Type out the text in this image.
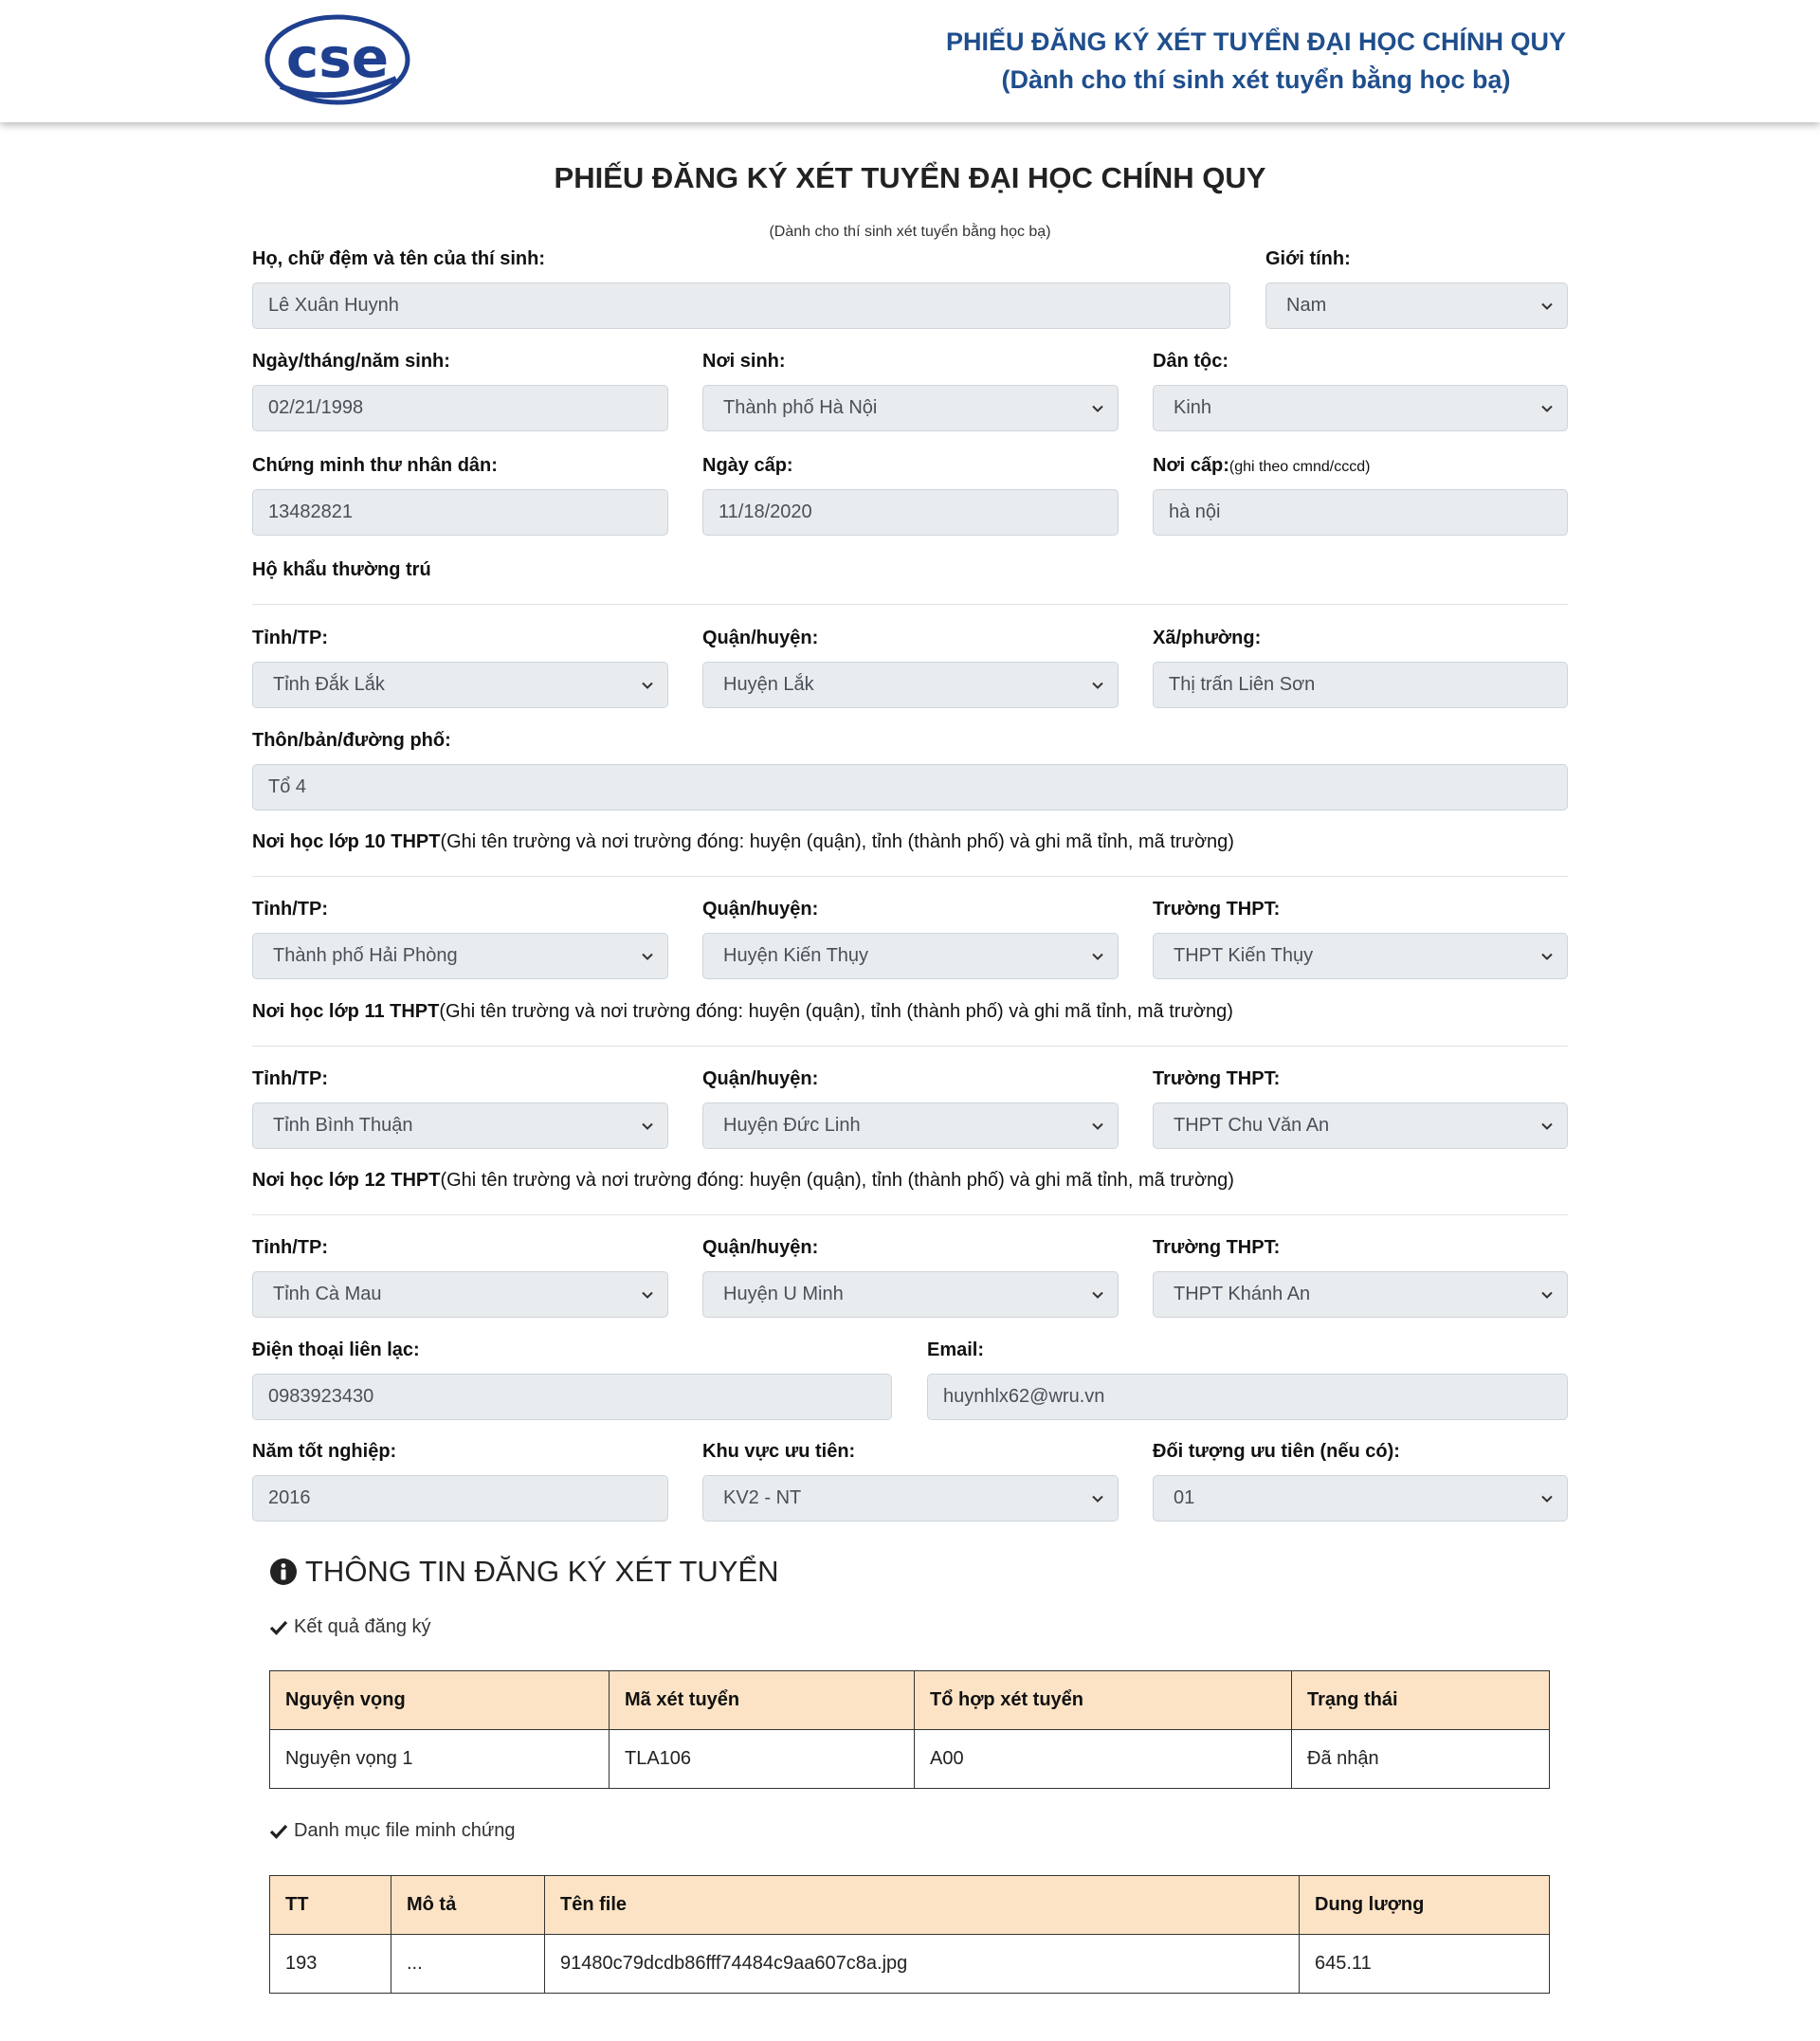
cse	PHIẾU ĐĂNG KÝ XÉT TUYỂN ĐẠI HỌC CHÍNH QUY
(Dành cho thí sinh xét tuyển bằng học bạ)
PHIẾU ĐĂNG KÝ XÉT TUYỂN ĐẠI HỌC CHÍNH QUY
(Dành cho thí sinh xét tuyển bằng học bạ)
Họ, chữ đệm và tên của thí sinh:
Lê Xuân Huynh
Giới tính:
Nam
Ngày/tháng/năm sinh:
02/21/1998
Nơi sinh:
Thành phố Hà Nội
Dân tộc:
Kinh
Chứng minh thư nhân dân:
13482821
Ngày cấp:
11/18/2020
Nơi cấp:(ghi theo cmnd/cccd)
hà nội
Hộ khẩu thường trú
Tỉnh/TP:
Tỉnh Đắk Lắk
Quận/huyện:
Huyện Lắk
Xã/phường:
Thị trấn Liên Sơn
Thôn/bản/đường phố:
Tổ 4
Nơi học lớp 10 THPT(Ghi tên trường và nơi trường đóng: huyện (quận), tỉnh (thành phố) và ghi mã tỉnh, mã trường)
Tỉnh/TP:
Thành phố Hải Phòng
Quận/huyện:
Huyện Kiến Thụy
Trường THPT:
THPT Kiến Thụy
Nơi học lớp 11 THPT(Ghi tên trường và nơi trường đóng: huyện (quận), tỉnh (thành phố) và ghi mã tỉnh, mã trường)
Tỉnh/TP:
Tỉnh Bình Thuận
Quận/huyện:
Huyện Đức Linh
Trường THPT:
THPT Chu Văn An
Nơi học lớp 12 THPT(Ghi tên trường và nơi trường đóng: huyện (quận), tỉnh (thành phố) và ghi mã tỉnh, mã trường)
Tỉnh/TP:
Tỉnh Cà Mau
Quận/huyện:
Huyện U Minh
Trường THPT:
THPT Khánh An
Điện thoại liên lạc:
0983923430
Email:
huynhlx62@wru.vn
Năm tốt nghiệp:
2016
Khu vực ưu tiên:
KV2 - NT
Đối tượng ưu tiên (nếu có):
01
THÔNG TIN ĐĂNG KÝ XÉT TUYỂN
Kết quả đăng ký
Nguyện vọng	Mã xét tuyển	Tổ hợp xét tuyển	Trạng thái
Nguyện vọng 1	TLA106	A00	Đã nhận
Danh mục file minh chứng
TT	Mô tả	Tên file	Dung lượng
193	...	91480c79dcdb86fff74484c9aa607c8a.jpg	645.11
